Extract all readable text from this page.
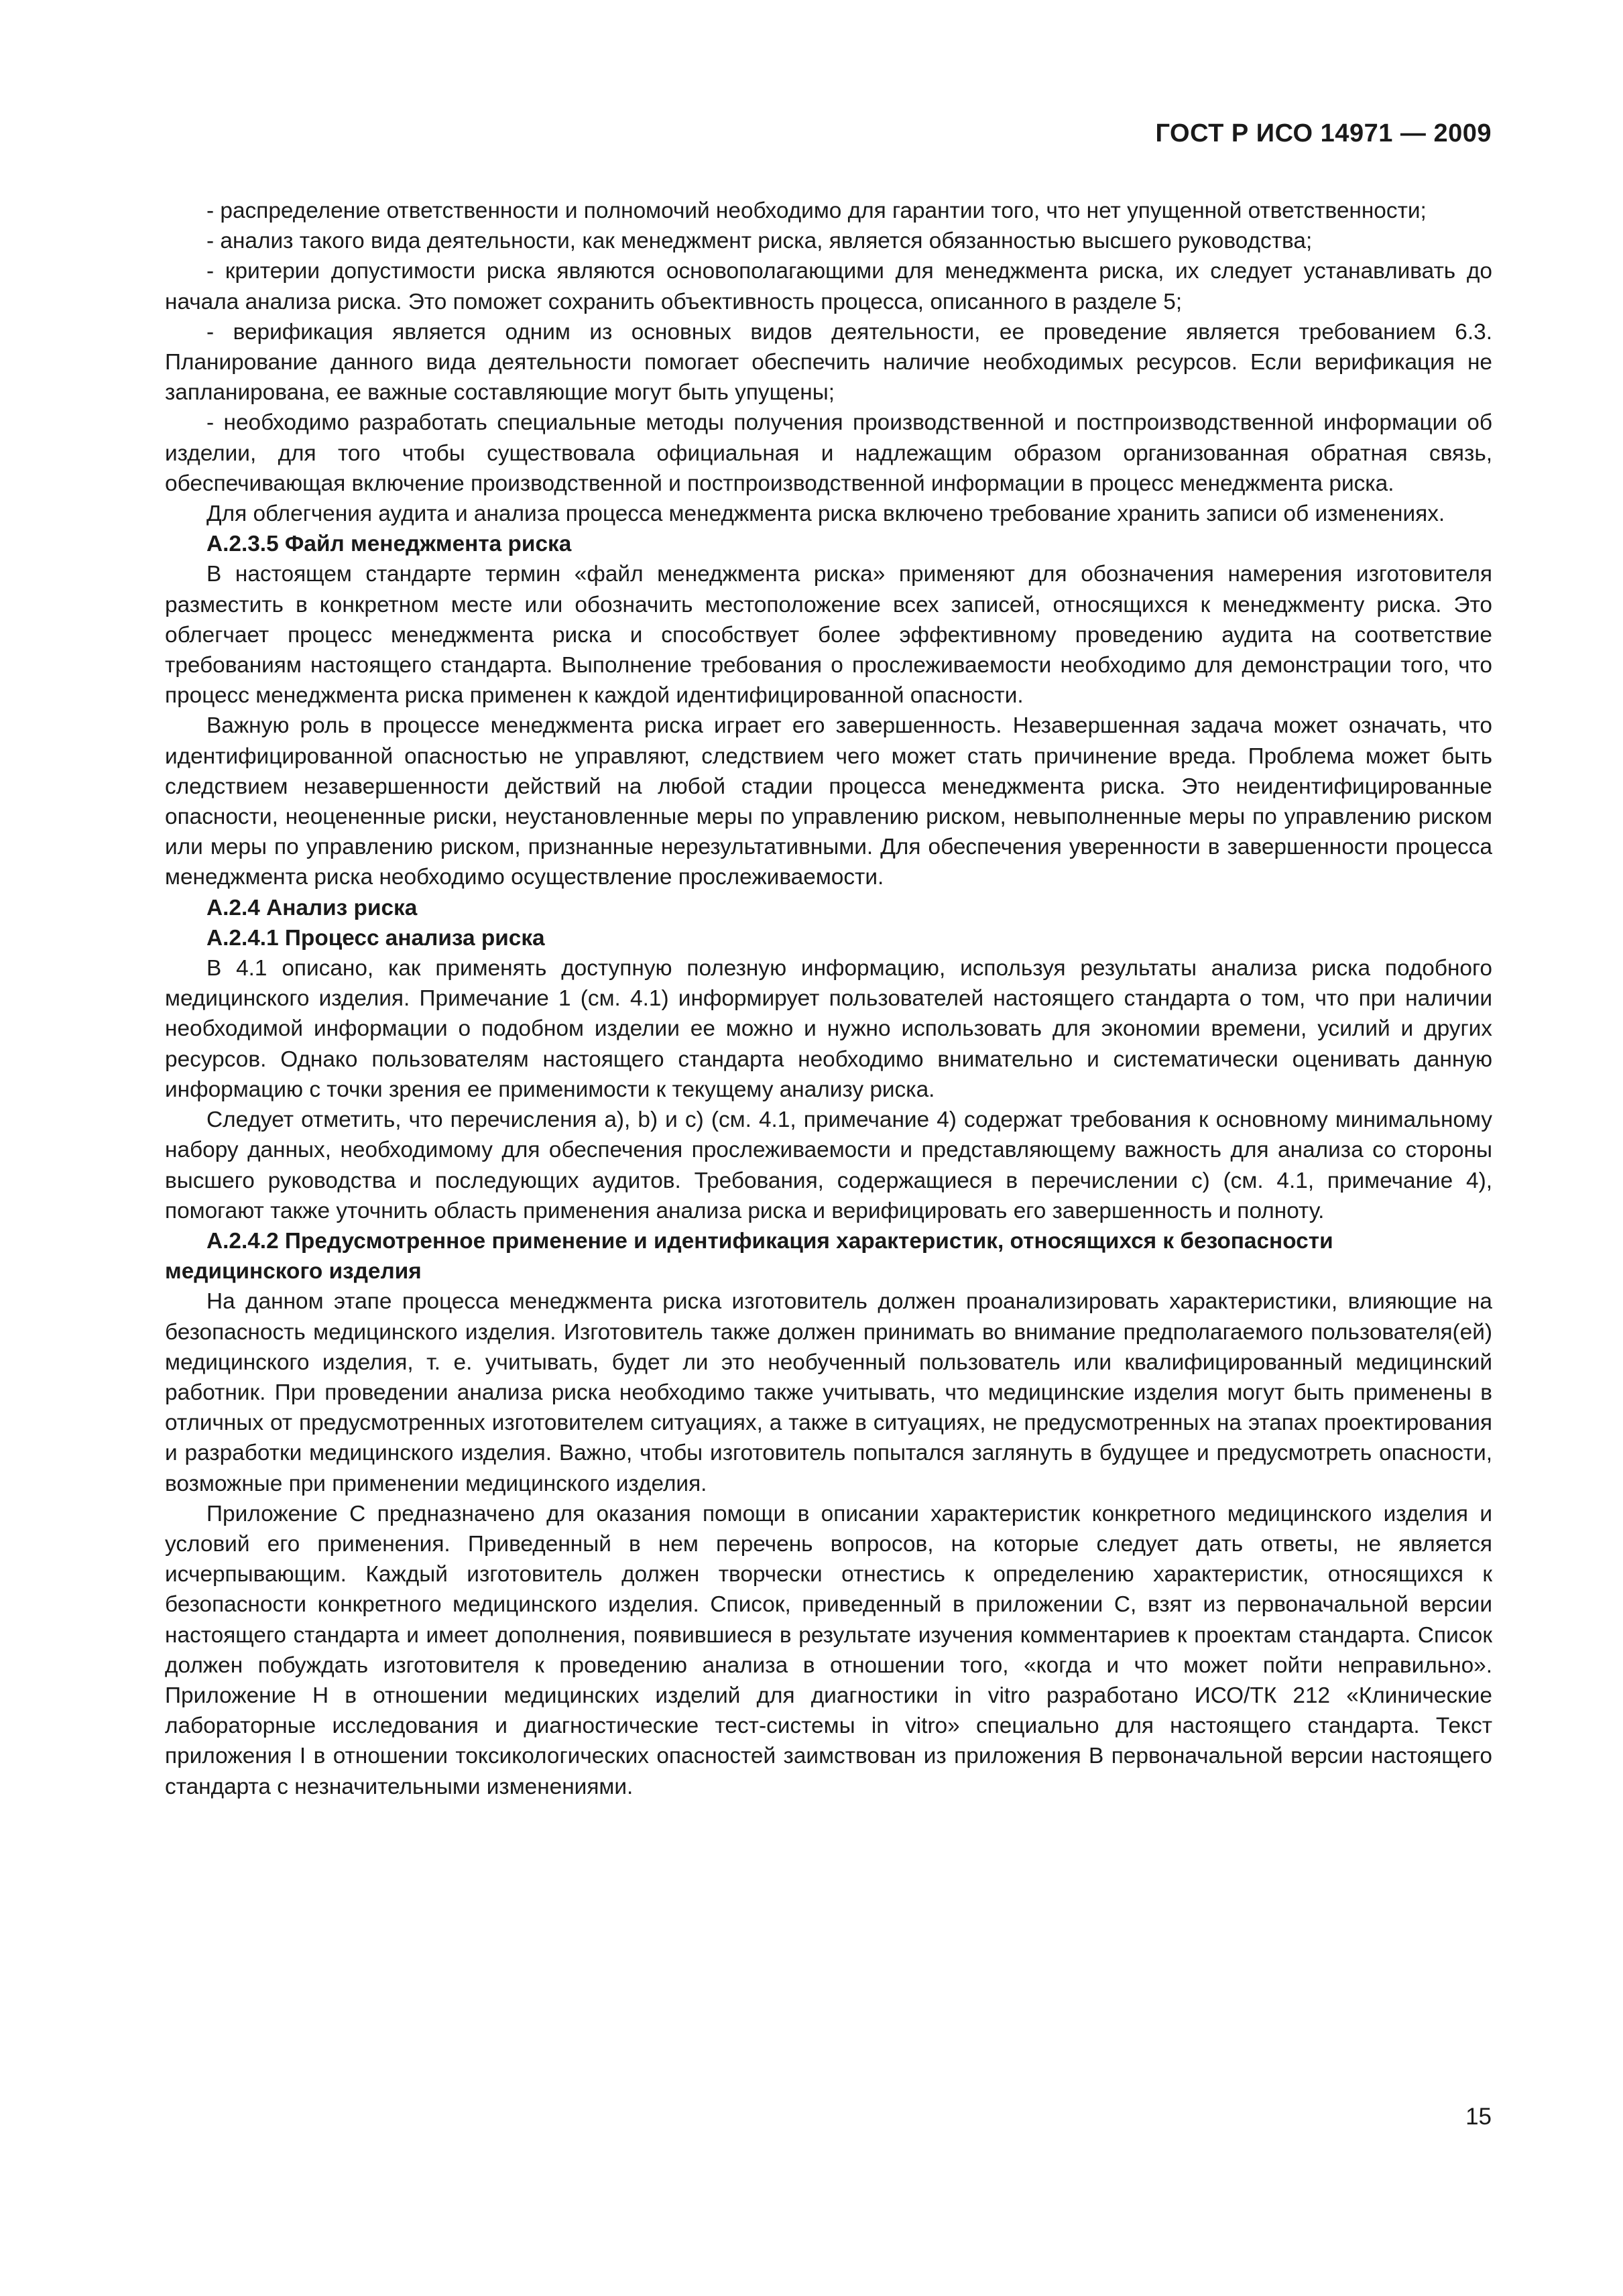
ГОСТ Р ИСО 14971 — 2009

- распределение ответственности и полномочий необходимо для гарантии того, что нет упущенной ответственности;

- анализ такого вида деятельности, как менеджмент риска, является обязанностью высшего руководства;

- критерии допустимости риска являются основополагающими для менеджмента риска, их следует устанавливать до начала анализа риска. Это поможет сохранить объективность процесса, описанного в разделе 5;

- верификация является одним из основных видов деятельности, ее проведение является требованием 6.3. Планирование данного вида деятельности помогает обеспечить наличие необходимых ресурсов. Если верификация не запланирована, ее важные составляющие могут быть упущены;

- необходимо разработать специальные методы получения производственной и постпроизводственной информации об изделии, для того чтобы существовала официальная и надлежащим образом организованная обратная связь, обеспечивающая включение производственной и постпроизводственной информации в процесс менеджмента риска.

Для облегчения аудита и анализа процесса менеджмента риска включено требование хранить записи об изменениях.

А.2.3.5 Файл менеджмента риска

В настоящем стандарте термин «файл менеджмента риска» применяют для обозначения намерения изготовителя разместить в конкретном месте или обозначить местоположение всех записей, относящихся к менеджменту риска. Это облегчает процесс менеджмента риска и способствует более эффективному проведению аудита на соответствие требованиям настоящего стандарта. Выполнение требования о прослеживаемости необходимо для демонстрации того, что процесс менеджмента риска применен к каждой идентифицированной опасности.

Важную роль в процессе менеджмента риска играет его завершенность. Незавершенная задача может означать, что идентифицированной опасностью не управляют, следствием чего может стать причинение вреда. Проблема может быть следствием незавершенности действий на любой стадии процесса менеджмента риска. Это неидентифицированные опасности, неоцененные риски, неустановленные меры по управлению риском, невыполненные меры по управлению риском или меры по управлению риском, признанные нерезультативными. Для обеспечения уверенности в завершенности процесса менеджмента риска необходимо осуществление прослеживаемости.

А.2.4 Анализ риска

А.2.4.1 Процесс анализа риска

В 4.1 описано, как применять доступную полезную информацию, используя результаты анализа риска подобного медицинского изделия. Примечание 1 (см. 4.1) информирует пользователей настоящего стандарта о том, что при наличии необходимой информации о подобном изделии ее можно и нужно использовать для экономии времени, усилий и других ресурсов. Однако пользователям настоящего стандарта необходимо внимательно и систематически оценивать данную информацию с точки зрения ее применимости к текущему анализу риска.

Следует отметить, что перечисления а), b) и c) (см. 4.1, примечание 4) содержат требования к основному минимальному набору данных, необходимому для обеспечения прослеживаемости и представляющему важность для анализа со стороны высшего руководства и последующих аудитов. Требования, содержащиеся в перечислении c) (см. 4.1, примечание 4), помогают также уточнить область применения анализа риска и верифицировать его завершенность и полноту.

А.2.4.2 Предусмотренное применение и идентификация характеристик, относящихся к безопасности медицинского изделия

На данном этапе процесса менеджмента риска изготовитель должен проанализировать характеристики, влияющие на безопасность медицинского изделия. Изготовитель также должен принимать во внимание предполагаемого пользователя(ей) медицинского изделия, т. е. учитывать, будет ли это необученный пользователь или квалифицированный медицинский работник. При проведении анализа риска необходимо также учитывать, что медицинские изделия могут быть применены в отличных от предусмотренных изготовителем ситуациях, а также в ситуациях, не предусмотренных на этапах проектирования и разработки медицинского изделия. Важно, чтобы изготовитель попытался заглянуть в будущее и предусмотреть опасности, возможные при применении медицинского изделия.

Приложение С предназначено для оказания помощи в описании характеристик конкретного медицинского изделия и условий его применения. Приведенный в нем перечень вопросов, на которые следует дать ответы, не является исчерпывающим. Каждый изготовитель должен творчески отнестись к определению характеристик, относящихся к безопасности конкретного медицинского изделия. Список, приведенный в приложении С, взят из первоначальной версии настоящего стандарта и имеет дополнения, появившиеся в результате изучения комментариев к проектам стандарта. Список должен побуждать изготовителя к проведению анализа в отношении того, «когда и что может пойти неправильно». Приложение Н в отношении медицинских изделий для диагностики in vitro разработано ИСО/ТК 212 «Клинические лабораторные исследования и диагностические тест-системы in vitro» специально для настоящего стандарта. Текст приложения I в отношении токсикологических опасностей заимствован из приложения В первоначальной версии настоящего стандарта с незначительными изменениями.

15
